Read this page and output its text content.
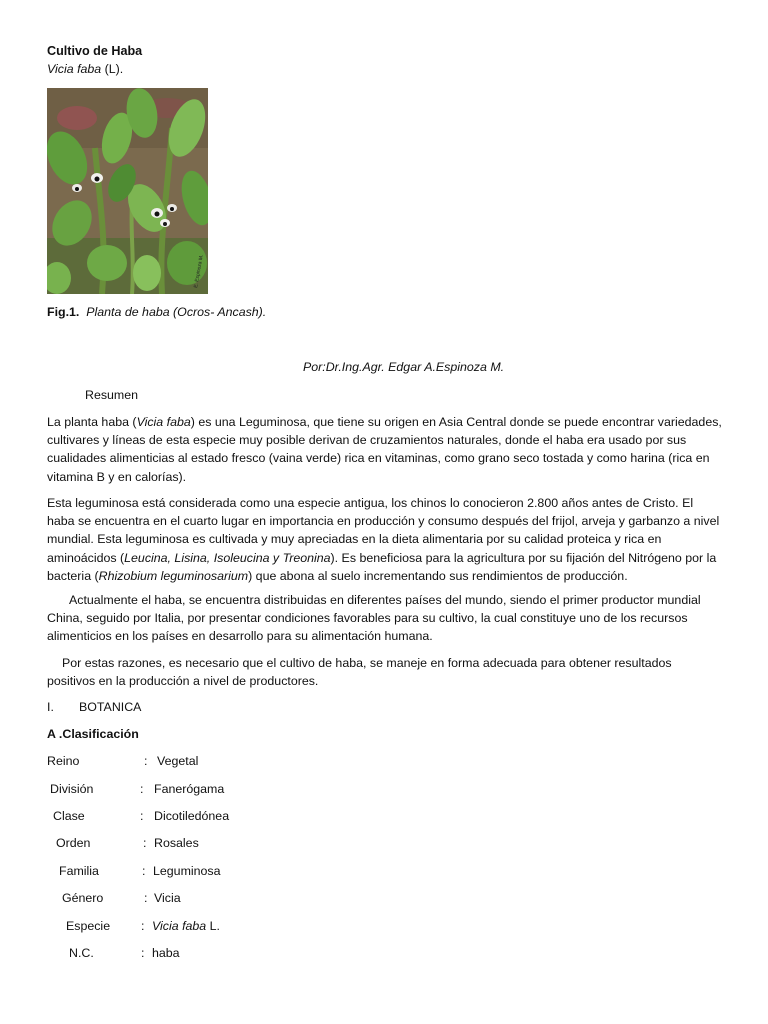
Cultivo de Haba
Vicia faba (L).
E. Espinoza M.
Fig.1. Planta de haba (Ocros- Ancash).
Por:Dr.Ing.Agr. Edgar A.Espinoza M.
Resumen
La planta haba (Vicia faba) es una Leguminosa, que tiene su origen en Asia Central donde se puede encontrar variedades, cultivares y líneas de esta especie muy posible derivan de cruzamientos naturales, donde el haba era usado por sus cualidades alimenticias al estado fresco (vaina verde) rica en vitaminas, como grano seco tostada y como harina (rica en vitamina B y en calorías).
Esta leguminosa está considerada como una especie antigua, los chinos lo conocieron 2.800 años antes de Cristo. El haba se encuentra en el cuarto lugar en importancia en producción y consumo después del frijol, arveja y garbanzo a nivel mundial. Esta leguminosa es cultivada y muy apreciadas en la dieta alimentaria por su calidad proteica y rica en aminoácidos (Leucina, Lisina, Isoleucina y Treonina). Es beneficiosa para la agricultura por su fijación del Nitrógeno por la bacteria (Rhizobium leguminosarium) que abona al suelo incrementando sus rendimientos de producción.
Actualmente el haba, se encuentra distribuidas en diferentes países del mundo, siendo el primer productor mundial China, seguido por Italia, por presentar condiciones favorables para su cultivo, la cual constituye uno de los recursos alimenticios en los países en desarrollo para su alimentación humana.
Por estas razones, es necesario que el cultivo de haba, se maneje en forma adecuada para obtener resultados positivos en la producción a nivel de productores.
I. BOTANICA
A .Clasificación
Reino	: Vegetal
División	: Fanerógama
Clase	: Dicotiledónea
Orden	: Rosales
Familia	: Leguminosa
Género	: Vicia
Especie : Vicia faba L.
N.C.	: haba
